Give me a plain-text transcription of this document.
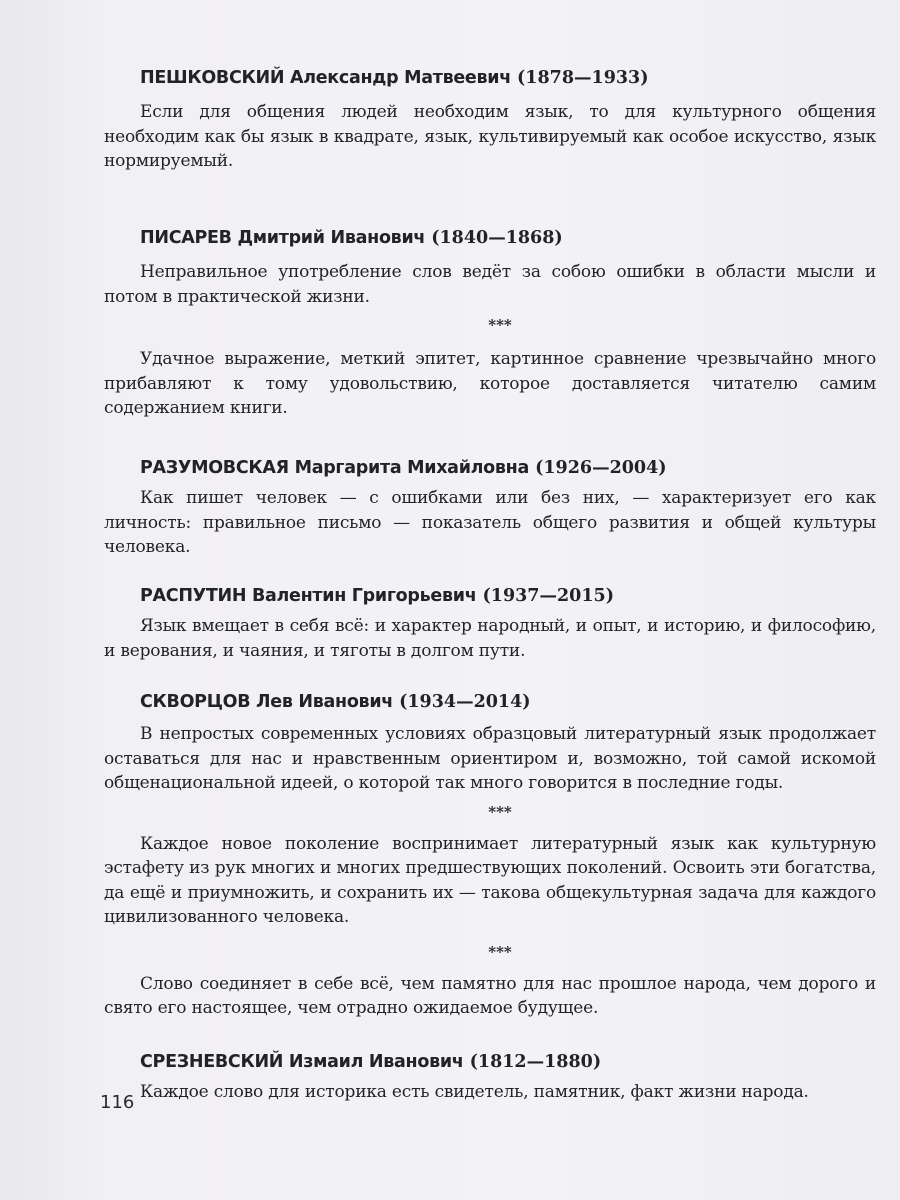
ПЕШКОВСКИЙ Александр Матвеевич (1878—1933)

Если для общения людей необходим язык, то для культурного общения необходим как бы язык в квадрате, язык, культивируемый как особое искусство, язык нормируемый.

ПИСАРЕВ Дмитрий Иванович (1840—1868)

Неправильное употребление слов ведёт за собою ошибки в области мысли и потом в практической жизни.

***

Удачное выражение, меткий эпитет, картинное сравнение чрезвычайно много прибавляют к тому удовольствию, которое доставляется читателю самим содержанием книги.

РАЗУМОВСКАЯ Маргарита Михайловна (1926—2004)

Как пишет человек — с ошибками или без них, — характеризует его как личность: правильное письмо — показатель общего развития и общей культуры человека.

РАСПУТИН Валентин Григорьевич (1937—2015)

Язык вмещает в себя всё: и характер народный, и опыт, и историю, и философию, и верования, и чаяния, и тяготы в долгом пути.

СКВОРЦОВ Лев Иванович (1934—2014)

В непростых современных условиях образцовый литературный язык продолжает оставаться для нас и нравственным ориентиром и, возможно, той самой искомой общенациональной идеей, о которой так много говорится в последние годы.

***

Каждое новое поколение воспринимает литературный язык как культурную эстафету из рук многих и многих предшествующих поколений. Освоить эти богатства, да ещё и приумножить, и сохранить их — такова общекультурная задача для каждого цивилизованного человека.

***

Слово соединяет в себе всё, чем памятно для нас прошлое народа, чем дорого и свято его настоящее, чем отрадно ожидаемое будущее.

СРЕЗНЕВСКИЙ Измаил Иванович (1812—1880)

Каждое слово для историка есть свидетель, памятник, факт жизни народа.

116
